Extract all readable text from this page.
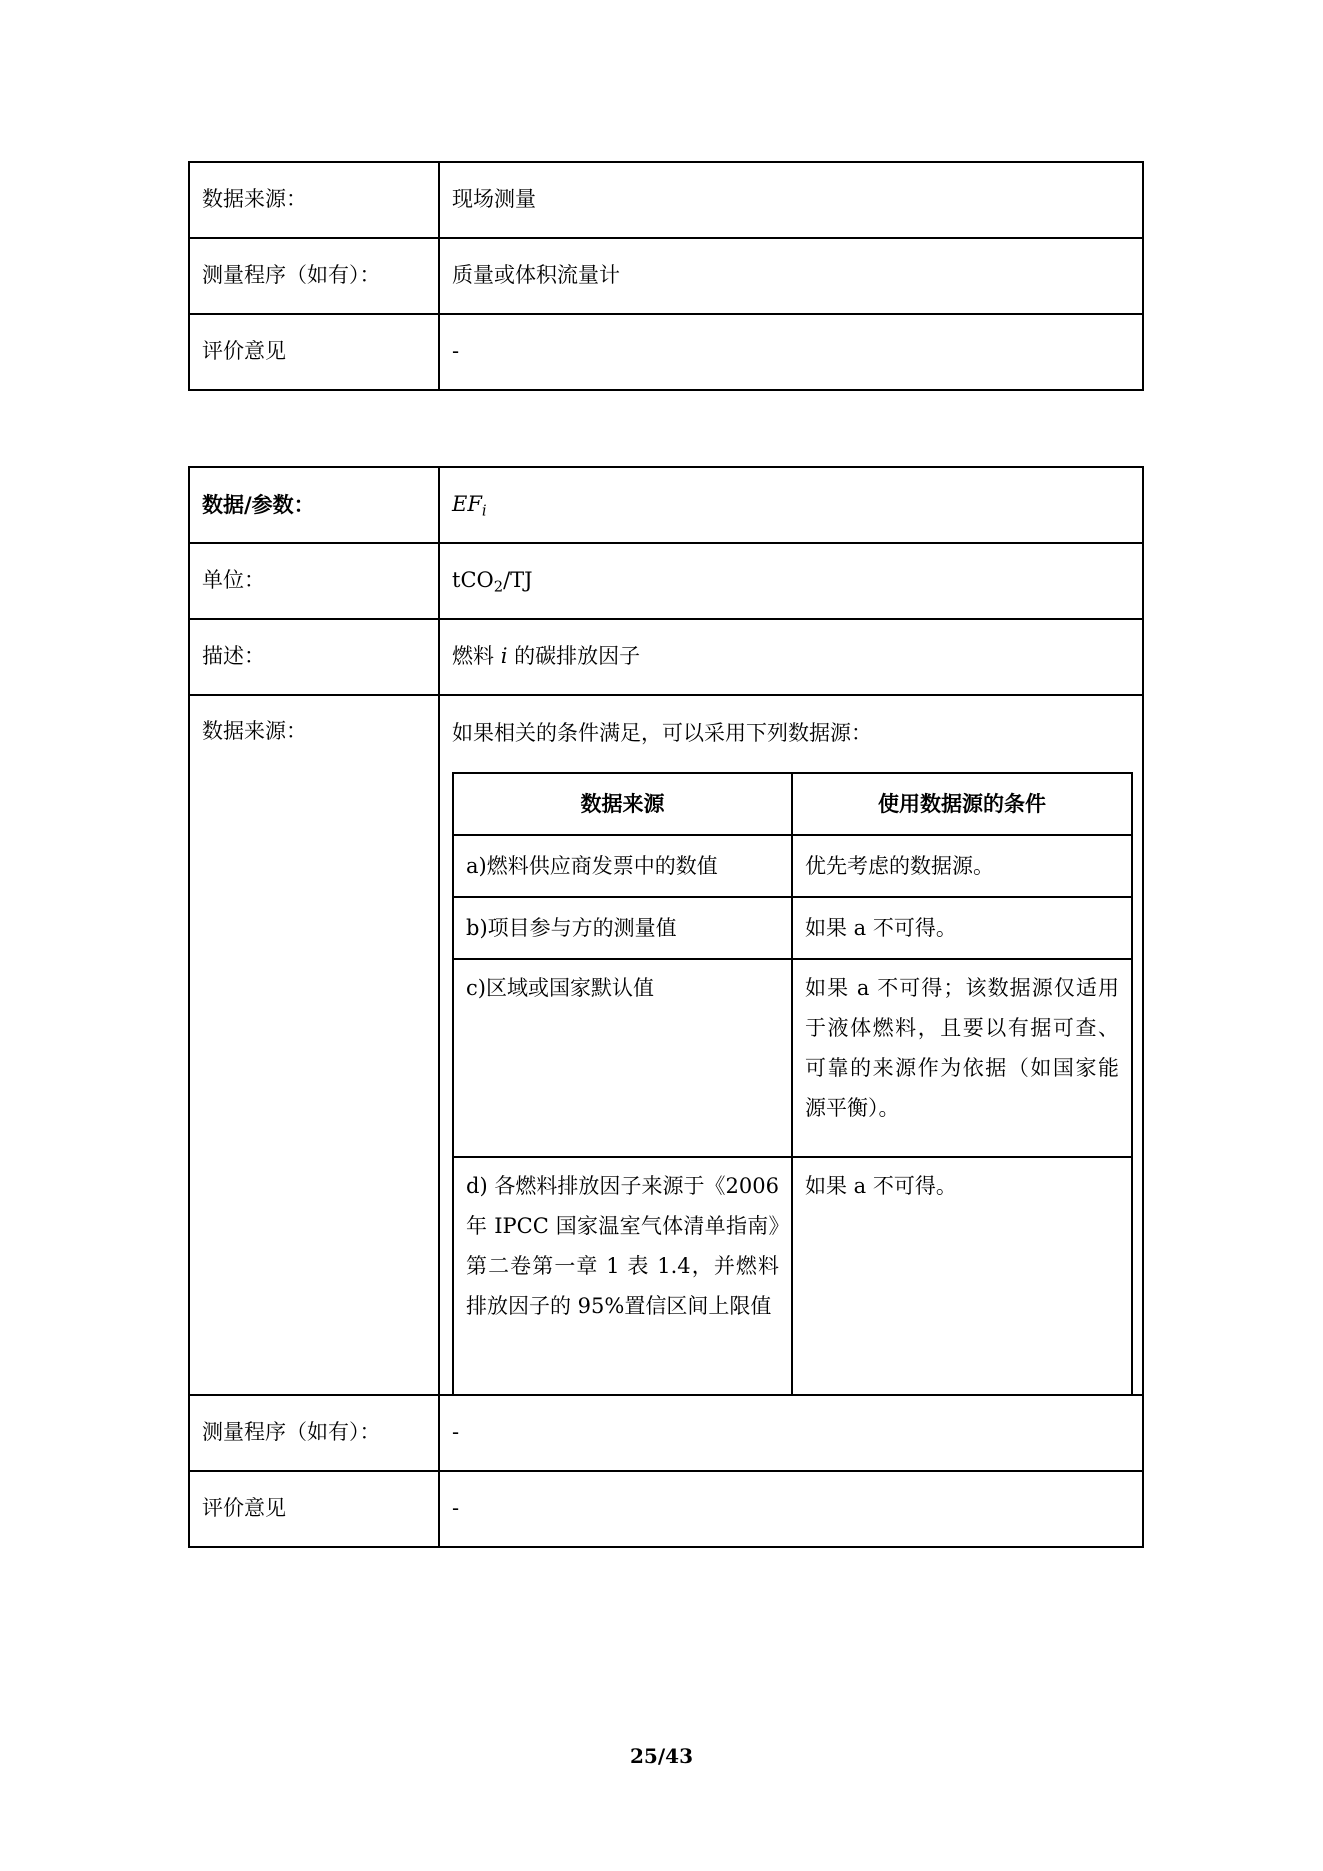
数据来源：	现场测量
测量程序（如有）：	质量或体积流量计
评价意见	-
数据/参数：	$EF_i$
单位：	tCO$_2$/TJ
描述：	燃料 i 的碳排放因子
数据来源：	如果相关的条件满足，可以采用下列数据源：
数据来源	使用数据源的条件
a)燃料供应商发票中的数值	优先考虑的数据源。
b)项目参与方的测量值	如果 a 不可得。
c)区域或国家默认值	如果 a 不可得；该数据源仅适用于液体燃料，且要以有据可查、可靠的来源作为依据（如国家能源平衡）。
d) 各燃料排放因子来源于《2006 年 IPCC 国家温室气体清单指南》第二卷第一章 1 表 1.4，并燃料排放因子的 95%置信区间上限值	如果 a 不可得。

测量程序（如有）：	-
评价意见	-
25/43
